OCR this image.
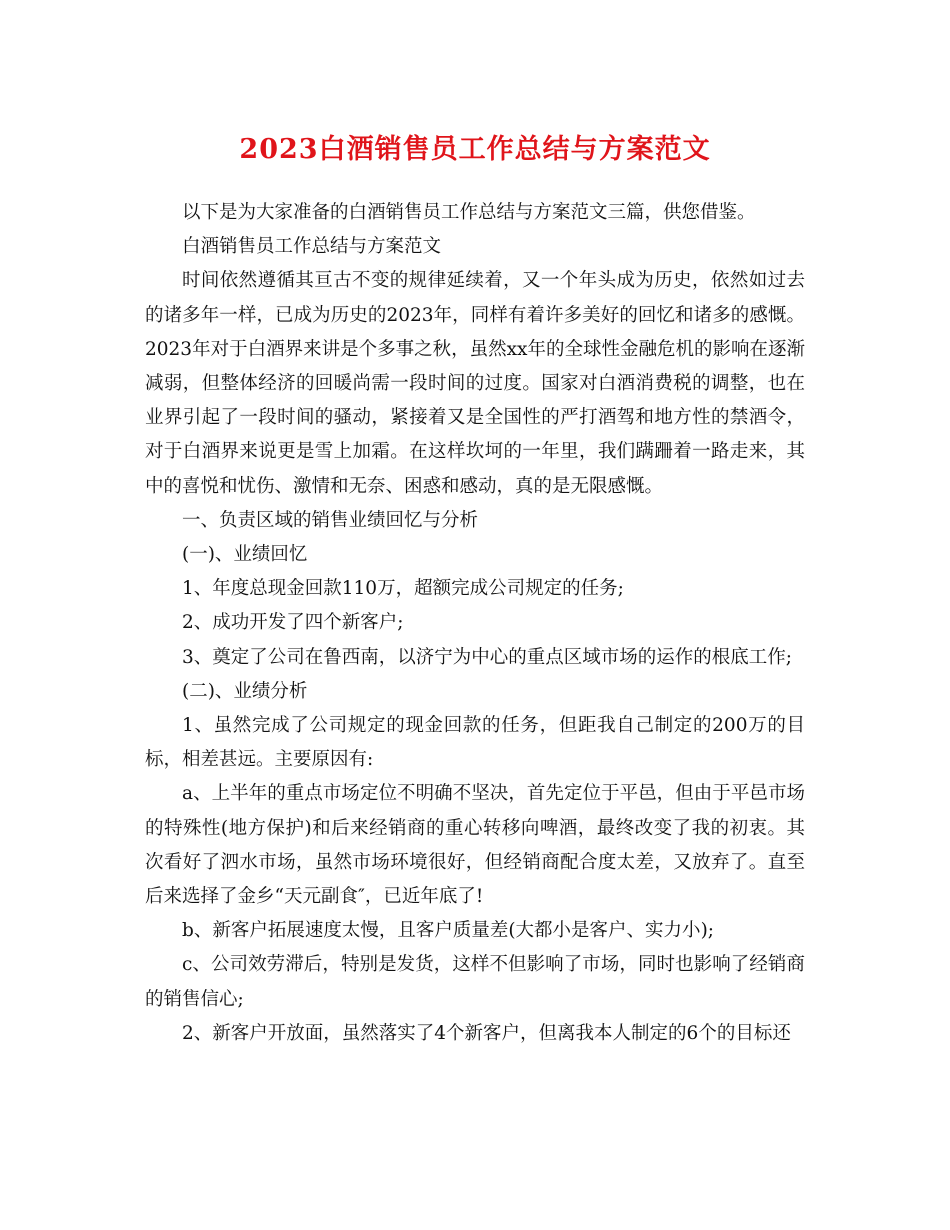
2023白酒销售员工作总结与方案范文

以下是为大家准备的白酒销售员工作总结与方案范文三篇，供您借鉴。

白酒销售员工作总结与方案范文

时间依然遵循其亘古不变的规律延续着，又一个年头成为历史，依然如过去的诸多年一样，已成为历史的2023年，同样有着许多美好的回忆和诸多的感慨。2023年对于白酒界来讲是个多事之秋，虽然xx年的全球性金融危机的影响在逐渐减弱，但整体经济的回暖尚需一段时间的过度。国家对白酒消费税的调整，也在业界引起了一段时间的骚动，紧接着又是全国性的严打酒驾和地方性的禁酒令，对于白酒界来说更是雪上加霜。在这样坎坷的一年里，我们蹒跚着一路走来，其中的喜悦和忧伤、激情和无奈、困惑和感动，真的是无限感慨。

一、负责区域的销售业绩回忆与分析

(一)、业绩回忆

1、年度总现金回款110万，超额完成公司规定的任务;

2、成功开发了四个新客户;

3、奠定了公司在鲁西南，以济宁为中心的重点区域市场的运作的根底工作;

(二)、业绩分析

1、虽然完成了公司规定的现金回款的任务，但距我自己制定的200万的目标，相差甚远。主要原因有:

a、上半年的重点市场定位不明确不坚决，首先定位于平邑，但由于平邑市场的特殊性(地方保护)和后来经销商的重心转移向啤酒，最终改变了我的初衷。其次看好了泗水市场，虽然市场环境很好，但经销商配合度太差，又放弃了。直至后来选择了金乡“天元副食″，已近年底了!

b、新客户拓展速度太慢，且客户质量差(大都小是客户、实力小);

c、公司效劳滞后，特别是发货，这样不但影响了市场，同时也影响了经销商的销售信心;

2、新客户开放面，虽然落实了4个新客户，但离我本人制定的6个的目标还
